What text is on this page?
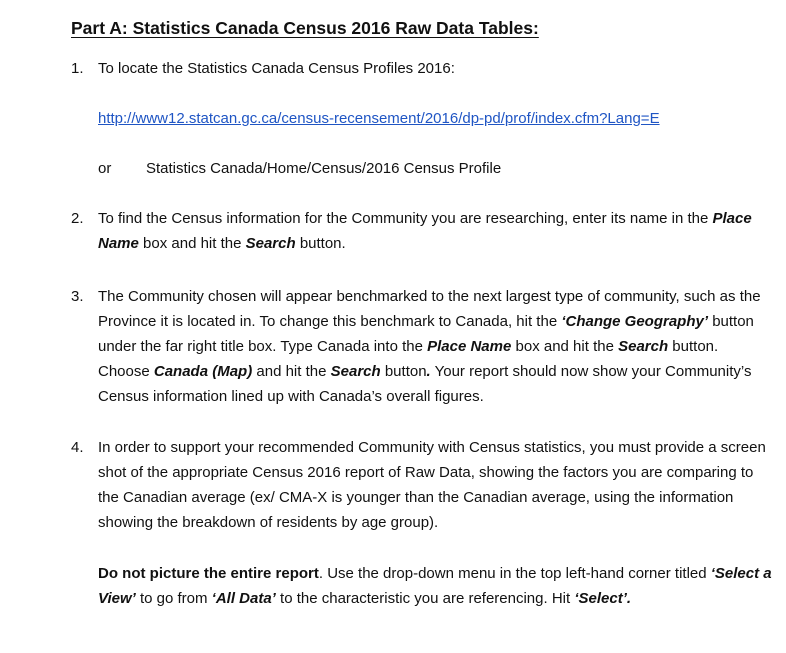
Part A: Statistics Canada Census 2016 Raw Data Tables:
1. To locate the Statistics Canada Census Profiles 2016:
http://www12.statcan.gc.ca/census-recensement/2016/dp-pd/prof/index.cfm?Lang=E
or Statistics Canada/Home/Census/2016 Census Profile
2. To find the Census information for the Community you are researching, enter its name in the Place Name box and hit the Search button.
3. The Community chosen will appear benchmarked to the next largest type of community, such as the Province it is located in. To change this benchmark to Canada, hit the ‘Change Geography’ button under the far right title box. Type Canada into the Place Name box and hit the Search button. Choose Canada (Map) and hit the Search button. Your report should now show your Community’s Census information lined up with Canada’s overall figures.
4. In order to support your recommended Community with Census statistics, you must provide a screen shot of the appropriate Census 2016 report of Raw Data, showing the factors you are comparing to the Canadian average (ex/ CMA-X is younger than the Canadian average, using the information showing the breakdown of residents by age group).
Do not picture the entire report. Use the drop-down menu in the top left-hand corner titled ‘Select a View’ to go from ‘All Data’ to the characteristic you are referencing. Hit ‘Select’.
